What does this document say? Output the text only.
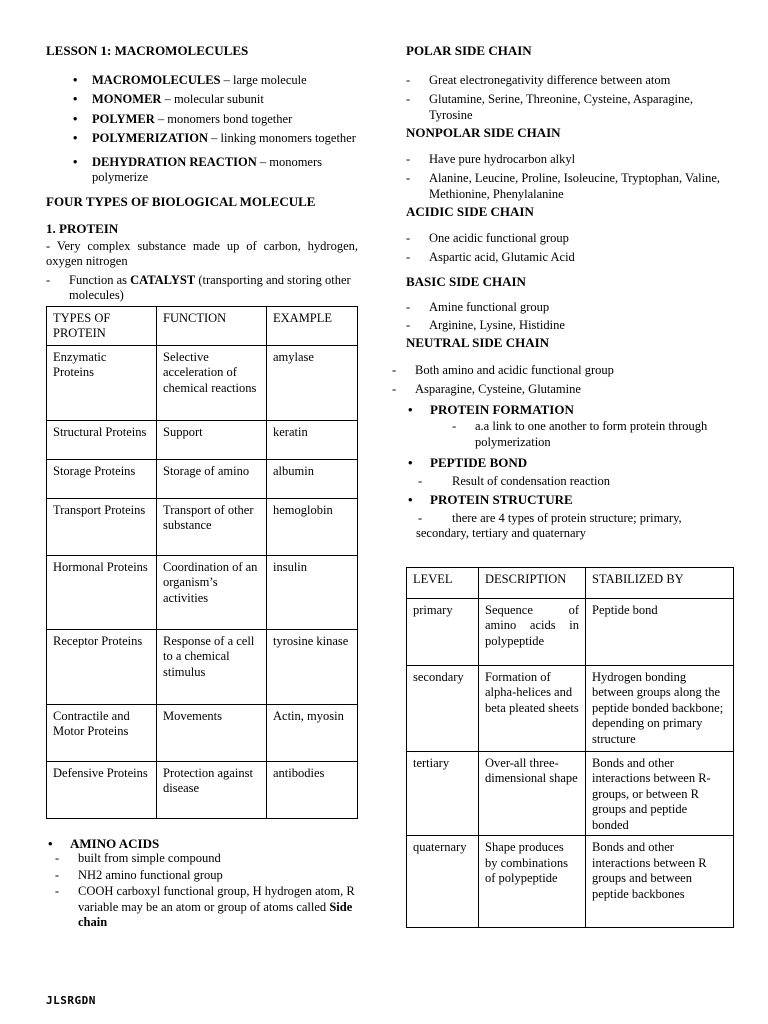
LESSON 1: MACROMOLECULES
• MACROMOLECULES – large molecule
• MONOMER – molecular subunit
• POLYMER – monomers bond together
• POLYMERIZATION – linking monomers together
• DEHYDRATION REACTION – monomers polymerize
FOUR TYPES OF BIOLOGICAL MOLECULE
1. PROTEIN
- Very complex substance made up of carbon, hydrogen, oxygen nitrogen
- Function as CATALYST (transporting and storing other molecules)
TYPES OF PROTEIN	FUNCTION	EXAMPLE
Enzymatic Proteins	Selective acceleration of chemical reactions	amylase
Structural Proteins	Support	keratin
Storage Proteins	Storage of amino	albumin
Transport Proteins	Transport of other substance	hemoglobin
Hormonal Proteins	Coordination of an organism’s activities	insulin
Receptor Proteins	Response of a cell to a chemical stimulus	tyrosine kinase
Contractile and Motor Proteins	Movements	Actin, myosin
Defensive Proteins	Protection against disease	antibodies
• AMINO ACIDS
- built from simple compound
- NH2 amino functional group
- COOH carboxyl functional group, H hydrogen atom, R variable may be an atom or group of atoms called Side chain
POLAR SIDE CHAIN
- Great electronegativity difference between atom
- Glutamine, Serine, Threonine, Cysteine, Asparagine, Tyrosine
NONPOLAR SIDE CHAIN
- Have pure hydrocarbon alkyl
- Alanine, Leucine, Proline, Isoleucine, Tryptophan, Valine, Methionine, Phenylalanine
ACIDIC SIDE CHAIN
- One acidic functional group
- Aspartic acid, Glutamic Acid
BASIC SIDE CHAIN
- Amine functional group
- Arginine, Lysine, Histidine
NEUTRAL SIDE CHAIN
- Both amino and acidic functional group
- Asparagine, Cysteine, Glutamine
• PROTEIN FORMATION
- a.a link to one another to form protein through polymerization
• PEPTIDE BOND
- Result of condensation reaction
• PROTEIN STRUCTURE
- there are 4 types of protein structure; primary, secondary, tertiary and quaternary
LEVEL	DESCRIPTION	STABILIZED BY
primary	Sequence of amino acids in polypeptide	Peptide bond
secondary	Formation of alpha-helices and beta pleated sheets	Hydrogen bonding between groups along the peptide bonded backbone; depending on primary structure
tertiary	Over-all three-dimensional shape	Bonds and other interactions between R-groups, or between R groups and peptide bonded
quaternary	Shape produces by combinations of polypeptide	Bonds and other interactions between R groups and between peptide backbones
JLSRGDN
